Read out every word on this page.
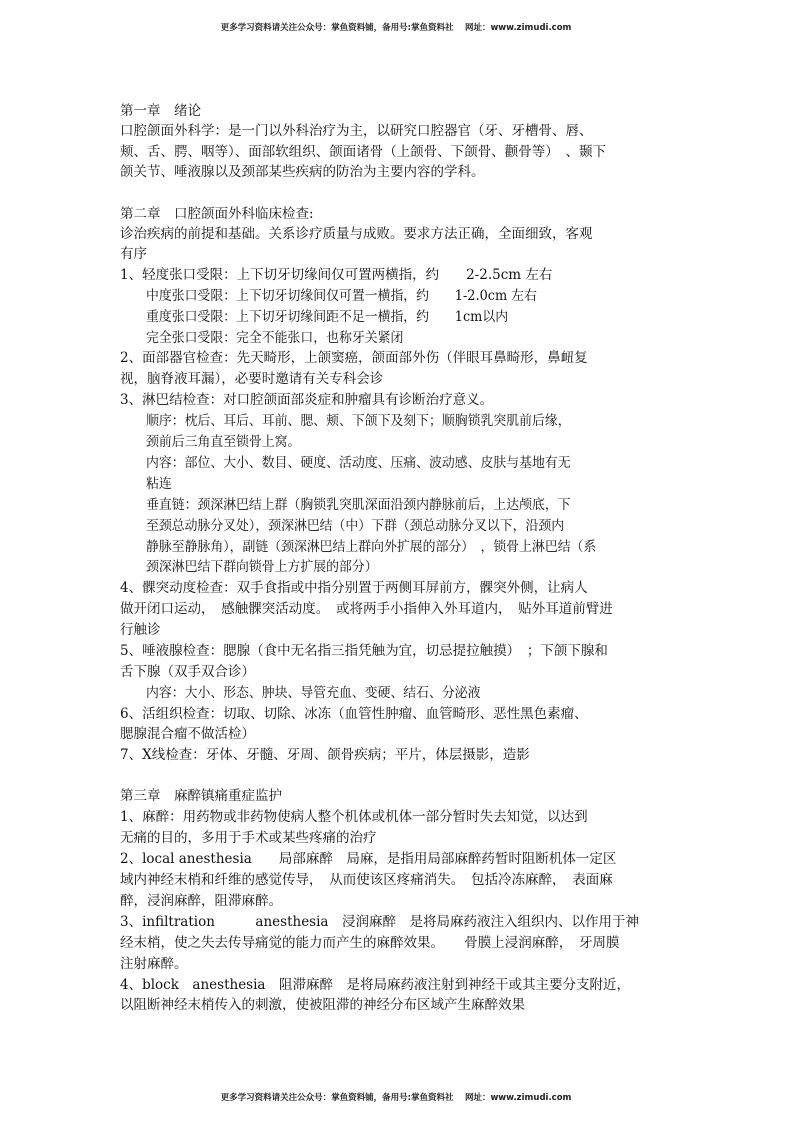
更多学习资料请关注公众号：掌鱼资料铺，备用号:掌鱼资料社　 网址：www.zimudi.com
第一章　绪论
口腔颌面外科学：是一门以外科治疗为主，以研究口腔器官（牙、牙槽骨、唇、
颊、舌、腭、咽等）、面部软组织、颌面诸骨（上颌骨、下颌骨、颧骨等）　、颞下
颌关节、唾液腺以及颈部某些疾病的防治为主要内容的学科。
第二章　口腔颌面外科临床检查:
诊治疾病的前提和基础。关系诊疗质量与成败。要求方法正确，全面细致，客观
有序
1、轻度张口受限：上下切牙切缘间仅可置两横指，约　　2-2.5cm 左右
中度张口受限：上下切牙切缘间仅可置一横指，约　　1-2.0cm 左右
重度张口受限：上下切牙切缘间距不足一横指，约　　1cm以内
完全张口受限：完全不能张口，也称牙关紧闭
2、面部器官检查：先天畸形，上颌窦癌，颌面部外伤（伴眼耳鼻畸形，鼻衄复
视，脑脊液耳漏），必要时邀请有关专科会诊
3、淋巴结检查：对口腔颌面部炎症和肿瘤具有诊断治疗意义。
顺序：枕后、耳后、耳前、腮、颊、下颌下及刻下；顺胸锁乳突肌前后缘，
颈前后三角直至锁骨上窝。
内容：部位、大小、数目、硬度、活动度、压痛、波动感、皮肤与基地有无
粘连
垂直链：颈深淋巴结上群（胸锁乳突肌深面沿颈内静脉前后，上达颅底，下
至颈总动脉分叉处），颈深淋巴结（中）下群（颈总动脉分叉以下，沿颈内
静脉至静脉角），副链（颈深淋巴结上群向外扩展的部分）　，锁骨上淋巴结（系
颈深淋巴结下群向锁骨上方扩展的部分）
4、髁突动度检查：双手食指或中指分别置于两侧耳屏前方，髁突外侧，让病人
做开闭口运动，　感触髁突活动度。　或将两手小指伸入外耳道内，　贴外耳道前臂进
行触诊
5、唾液腺检查：腮腺（食中无名指三指凭触为宜，切忌提拉触摸）　；下颌下腺和
舌下腺（双手双合诊）
内容：大小、形态、肿块、导管充血、变硬、结石、分泌液
6、活组织检查：切取、切除、冰冻（血管性肿瘤、血管畸形、恶性黑色素瘤、
腮腺混合瘤不做活检）
7、X线检查：牙体、牙髓、牙周、颌骨疾病；平片，体层摄影，造影
第三章　麻醉镇痛重症监护
1、麻醉：用药物或非药物使病人整个机体或机体一部分暂时失去知觉，以达到
无痛的目的，多用于手术或某些疼痛的治疗
2、local anesthesia　　局部麻醉　局麻，是指用局部麻醉药暂时阻断机体一定区
域内神经末梢和纤维的感觉传导，　从而使该区疼痛消失。　包括冷冻麻醉，　表面麻
醉，浸润麻醉，阻滞麻醉。
3、infiltration　　　anesthesia　浸润麻醉　是将局麻药液注入组织内、以作用于神
经末梢，使之失去传导痛觉的能力而产生的麻醉效果。　　骨膜上浸润麻醉，　牙周膜
注射麻醉。
4、block　anesthesia　阻滞麻醉　是将局麻药液注射到神经干或其主要分支附近，
以阻断神经末梢传入的刺激，使被阻滞的神经分布区域产生麻醉效果
更多学习资料请关注公众号：掌鱼资料铺，备用号:掌鱼资料社　 网址：www.zimudi.com
